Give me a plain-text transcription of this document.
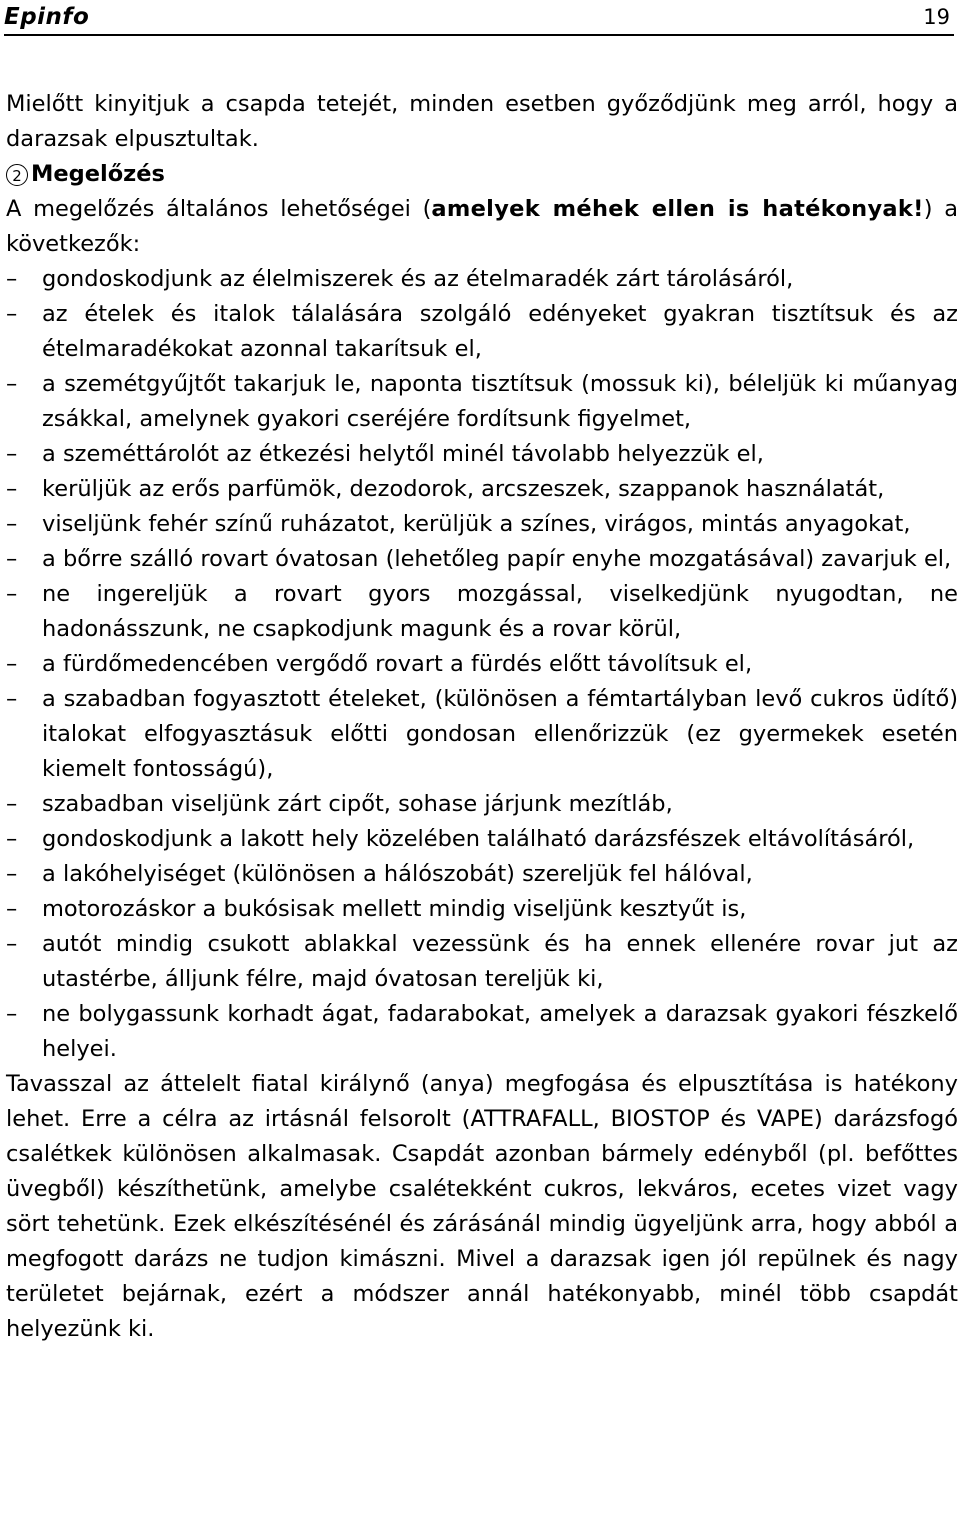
Epinfo	19

Mielőtt kinyitjuk a csapda tetejét, minden esetben győződjünk meg arról, hogy a darazsak elpusztultak.

2 Megelőzés

A megelőzés általános lehetőségei (amelyek méhek ellen is hatékonyak!) a következők:

–	gondoskodjunk az élelmiszerek és az ételmaradék zárt tárolásáról,
–	az ételek és italok tálalására szolgáló edényeket gyakran tisztítsuk és az ételmaradékokat azonnal takarítsuk el,
–	a szemétgyűjtőt takarjuk le, naponta tisztítsuk (mossuk ki), béleljük ki műanyag zsákkal, amelynek gyakori cseréjére fordítsunk figyelmet,
–	a szeméttárolót az étkezési helytől minél távolabb helyezzük el,
–	kerüljük az erős parfümök, dezodorok, arcszeszek, szappanok használatát,
–	viseljünk fehér színű ruházatot, kerüljük a színes, virágos, mintás anyagokat,
–	a bőrre szálló rovart óvatosan (lehetőleg papír enyhe mozgatásával) zavarjuk el,
–	ne ingereljük a rovart gyors mozgással, viselkedjünk nyugodtan, ne hadonásszunk, ne csapkodjunk magunk és a rovar körül,
–	a fürdőmedencében vergődő rovart a fürdés előtt távolítsuk el,
–	a szabadban fogyasztott ételeket, (különösen a fémtartályban levő cukros üdítő) italokat elfogyasztásuk előtti gondosan ellenőrizzük (ez gyermekek esetén kiemelt fontosságú),
–	szabadban viseljünk zárt cipőt, sohase járjunk mezítláb,
–	gondoskodjunk a lakott hely közelében található darázsfészek eltávolításáról,
–	a lakóhelyiséget (különösen a hálószobát) szereljük fel hálóval,
–	motorozáskor a bukósisak mellett mindig viseljünk kesztyűt is,
–	autót mindig csukott ablakkal vezessünk és ha ennek ellenére rovar jut az utastérbe, álljunk félre, majd óvatosan tereljük ki,
–	ne bolygassunk korhadt ágat, fadarabokat, amelyek a darazsak gyakori fészkelő helyei.

Tavasszal az áttelelt fiatal királynő (anya) megfogása és elpusztítása is hatékony lehet. Erre a célra az irtásnál felsorolt (ATTRAFALL, BIOSTOP és VAPE) darázsfogó csalétkek különösen alkalmasak. Csapdát azonban bármely edényből (pl. befőttes üvegből) készíthetünk, amelybe csalétekként cukros, lekváros, ecetes vizet vagy sört tehetünk. Ezek elkészítésénél és zárásánál mindig ügyeljünk arra, hogy abból a megfogott darázs ne tudjon kimászni. Mivel a darazsak igen jól repülnek és nagy területet bejárnak, ezért a módszer annál hatékonyabb, minél több csapdát helyezünk ki.
